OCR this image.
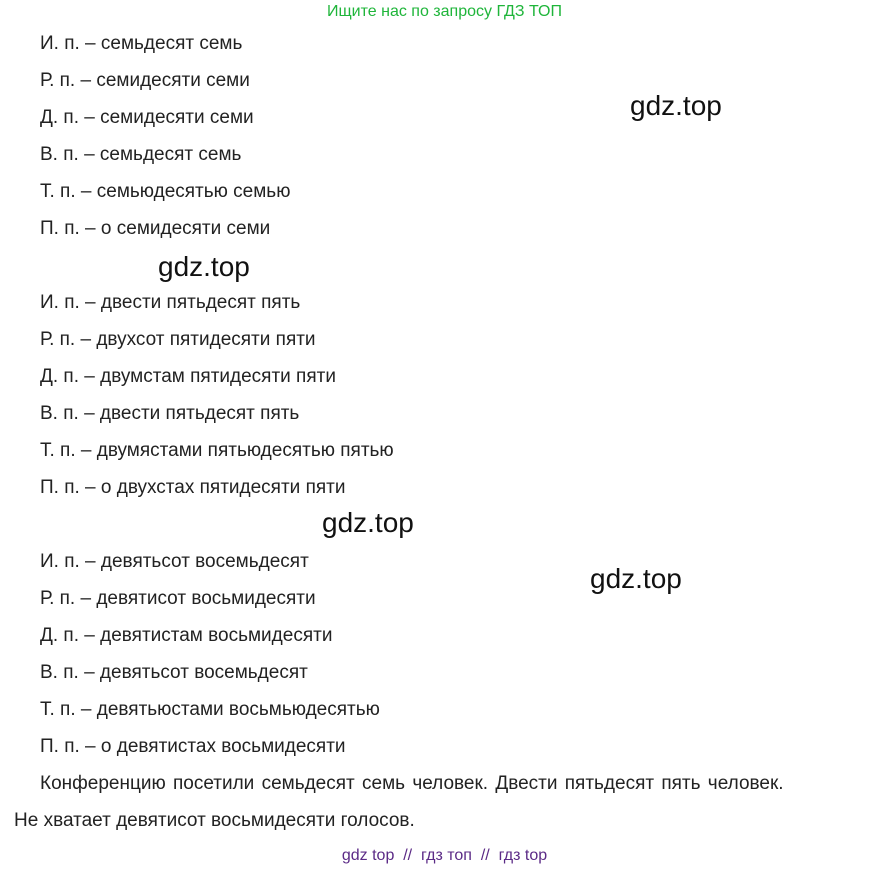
Ищите нас по запросу ГДЗ ТОП
И. п. – семьдесят семь
Р. п. – семидесяти семи
Д. п. – семидесяти семи
В. п. – семьдесят семь
Т. п. – семьюдесятью семью
П. п. – о семидесяти семи
И. п. – двести пятьдесят пять
Р. п. – двухсот пятидесяти пяти
Д. п. – двумстам пятидесяти пяти
В. п. – двести пятьдесят пять
Т. п. – двумястами пятьюдесятью пятью
П. п. – о двухстах пятидесяти пяти
И. п. – девятьсот восемьдесят
Р. п. – девятисот восьмидесяти
Д. п. – девятистам восьмидесяти
В. п. – девятьсот восемьдесят
Т. п. – девятьюстами восьмьюдесятью
П. п. – о девятистах восьмидесяти
gdz.top
gdz.top
gdz.top
gdz.top
Конференцию посетили семьдесят семь человек. Двести пятьдесят пять человек.
Не хватает девятисот восьмидесяти голосов.
gdz top  //  гдз топ  //  гдз top
